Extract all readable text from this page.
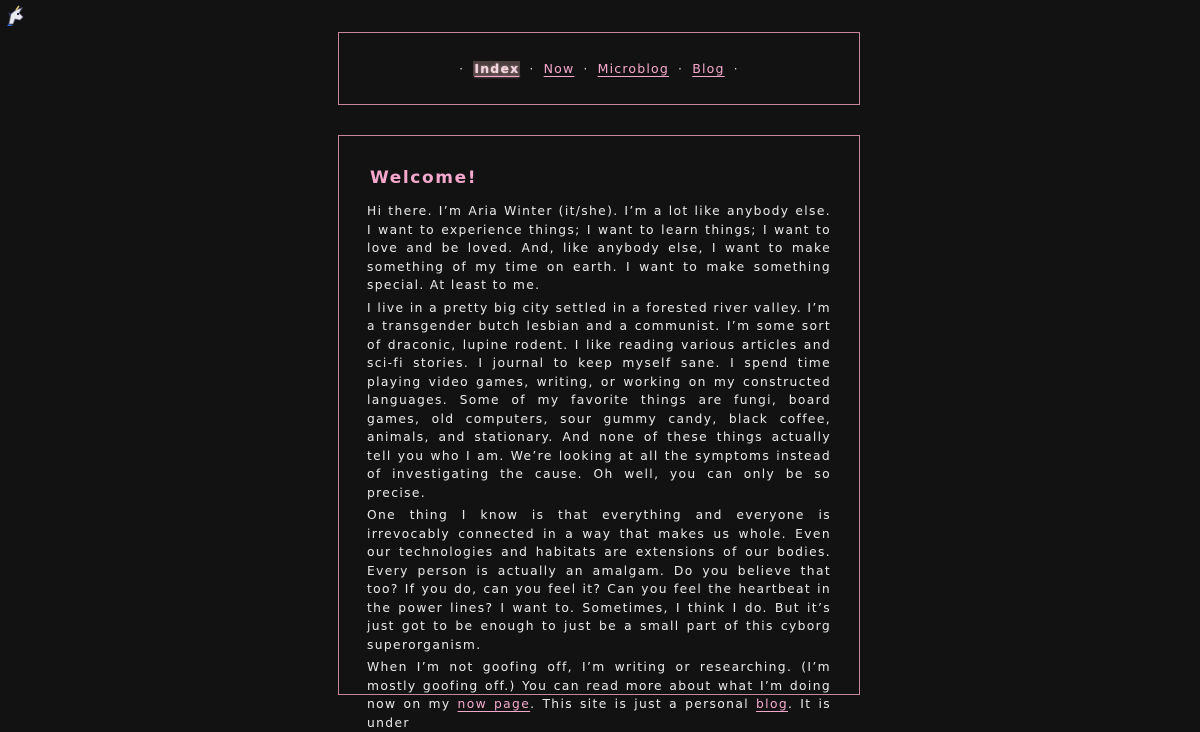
· Index · Now · Microblog · Blog ·
Welcome!

Hi there. I’m Aria Winter (it/she). I’m a lot like anybody else. I want to experience things; I want to learn things; I want to love and be loved. And, like anybody else, I want to make something of my time on earth. I want to make something special. At least to me.

I live in a pretty big city settled in a forested river valley. I’m a transgender butch lesbian and a communist. I’m some sort of draconic, lupine rodent. I like reading various articles and sci-fi stories. I journal to keep myself sane. I spend time playing video games, writing, or working on my constructed languages. Some of my favorite things are fungi, board games, old computers, sour gummy candy, black coffee, animals, and stationary. And none of these things actually tell you who I am. We’re looking at all the symptoms instead of investigating the cause. Oh well, you can only be so precise.

One thing I know is that everything and everyone is irrevocably connected in a way that makes us whole. Even our technologies and habitats are extensions of our bodies. Every person is actually an amalgam. Do you believe that too? If you do, can you feel it? Can you feel the heartbeat in the power lines? I want to. Sometimes, I think I do. But it’s just got to be enough to just be a small part of this cyborg superorganism.

When I’m not goofing off, I’m writing or researching. (I’m mostly goofing off.) You can read more about what I’m doing now on my now page. This site is just a personal blog. It is under
